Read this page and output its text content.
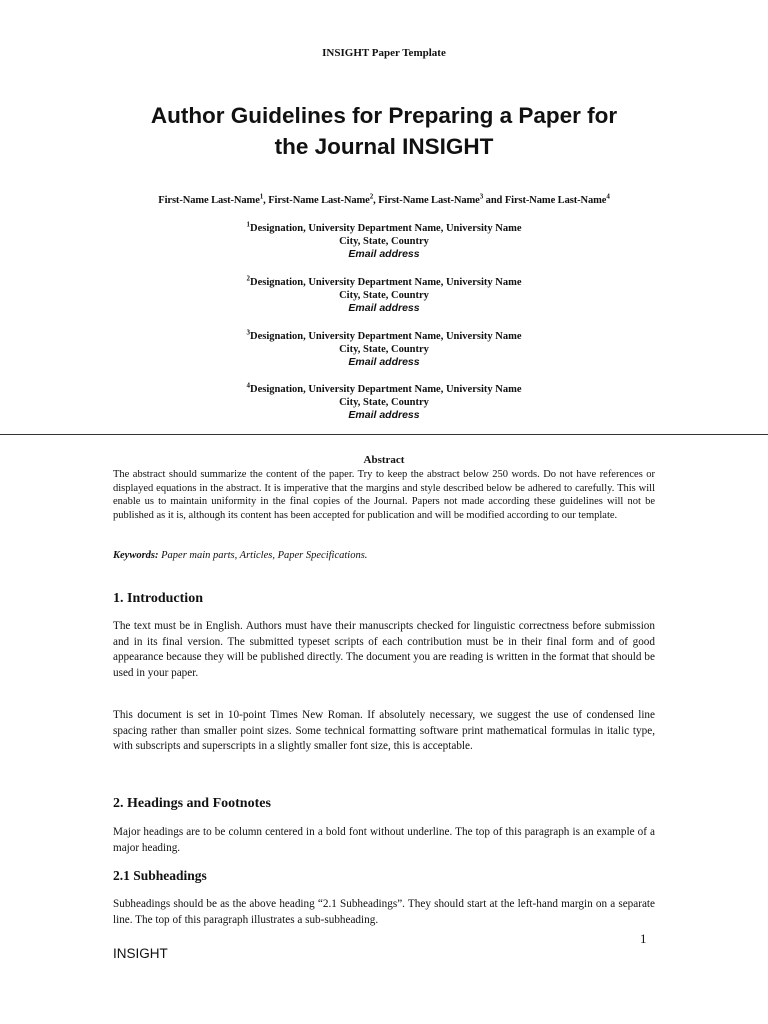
INSIGHT Paper Template
Author Guidelines for Preparing a Paper for
the Journal INSIGHT
First-Name Last-Name$^1$, First-Name Last-Name$^2$, First-Name Last-Name$^3$ and First-Name Last-Name$^4$
$^1$Designation, University Department Name, University Name
City, State, Country
Email address
$^2$Designation, University Department Name, University Name
City, State, Country
Email address
$^3$Designation, University Department Name, University Name
City, State, Country
Email address
$^4$Designation, University Department Name, University Name
City, State, Country
Email address
Abstract

The abstract should summarize the content of the paper. Try to keep the abstract below 250 words. Do not have references or displayed equations in the abstract. It is imperative that the margins and style described below be adhered to carefully. This will enable us to maintain uniformity in the final copies of the Journal. Papers not made according these guidelines will not be published as it is, although its content has been accepted for publication and will be modified according to our template.

Keywords: Paper main parts, Articles, Paper Specifications.
1. Introduction

The text must be in English. Authors must have their manuscripts checked for linguistic correctness before submission and in its final version. The submitted typeset scripts of each contribution must be in their final form and of good appearance because they will be published directly. The document you are reading is written in the format that should be used in your paper.

This document is set in 10-point Times New Roman. If absolutely necessary, we suggest the use of condensed line spacing rather than smaller point sizes. Some technical formatting software print mathematical formulas in italic type, with subscripts and superscripts in a slightly smaller font size, this is acceptable.

2. Headings and Footnotes

Major headings are to be column centered in a bold font without underline. The top of this paragraph is an example of a major heading.

2.1 Subheadings

Subheadings should be as the above heading “2.1 Subheadings”. They should start at the left-hand margin on a separate line. The top of this paragraph illustrates a sub-subheading.

1
INSIGHT
